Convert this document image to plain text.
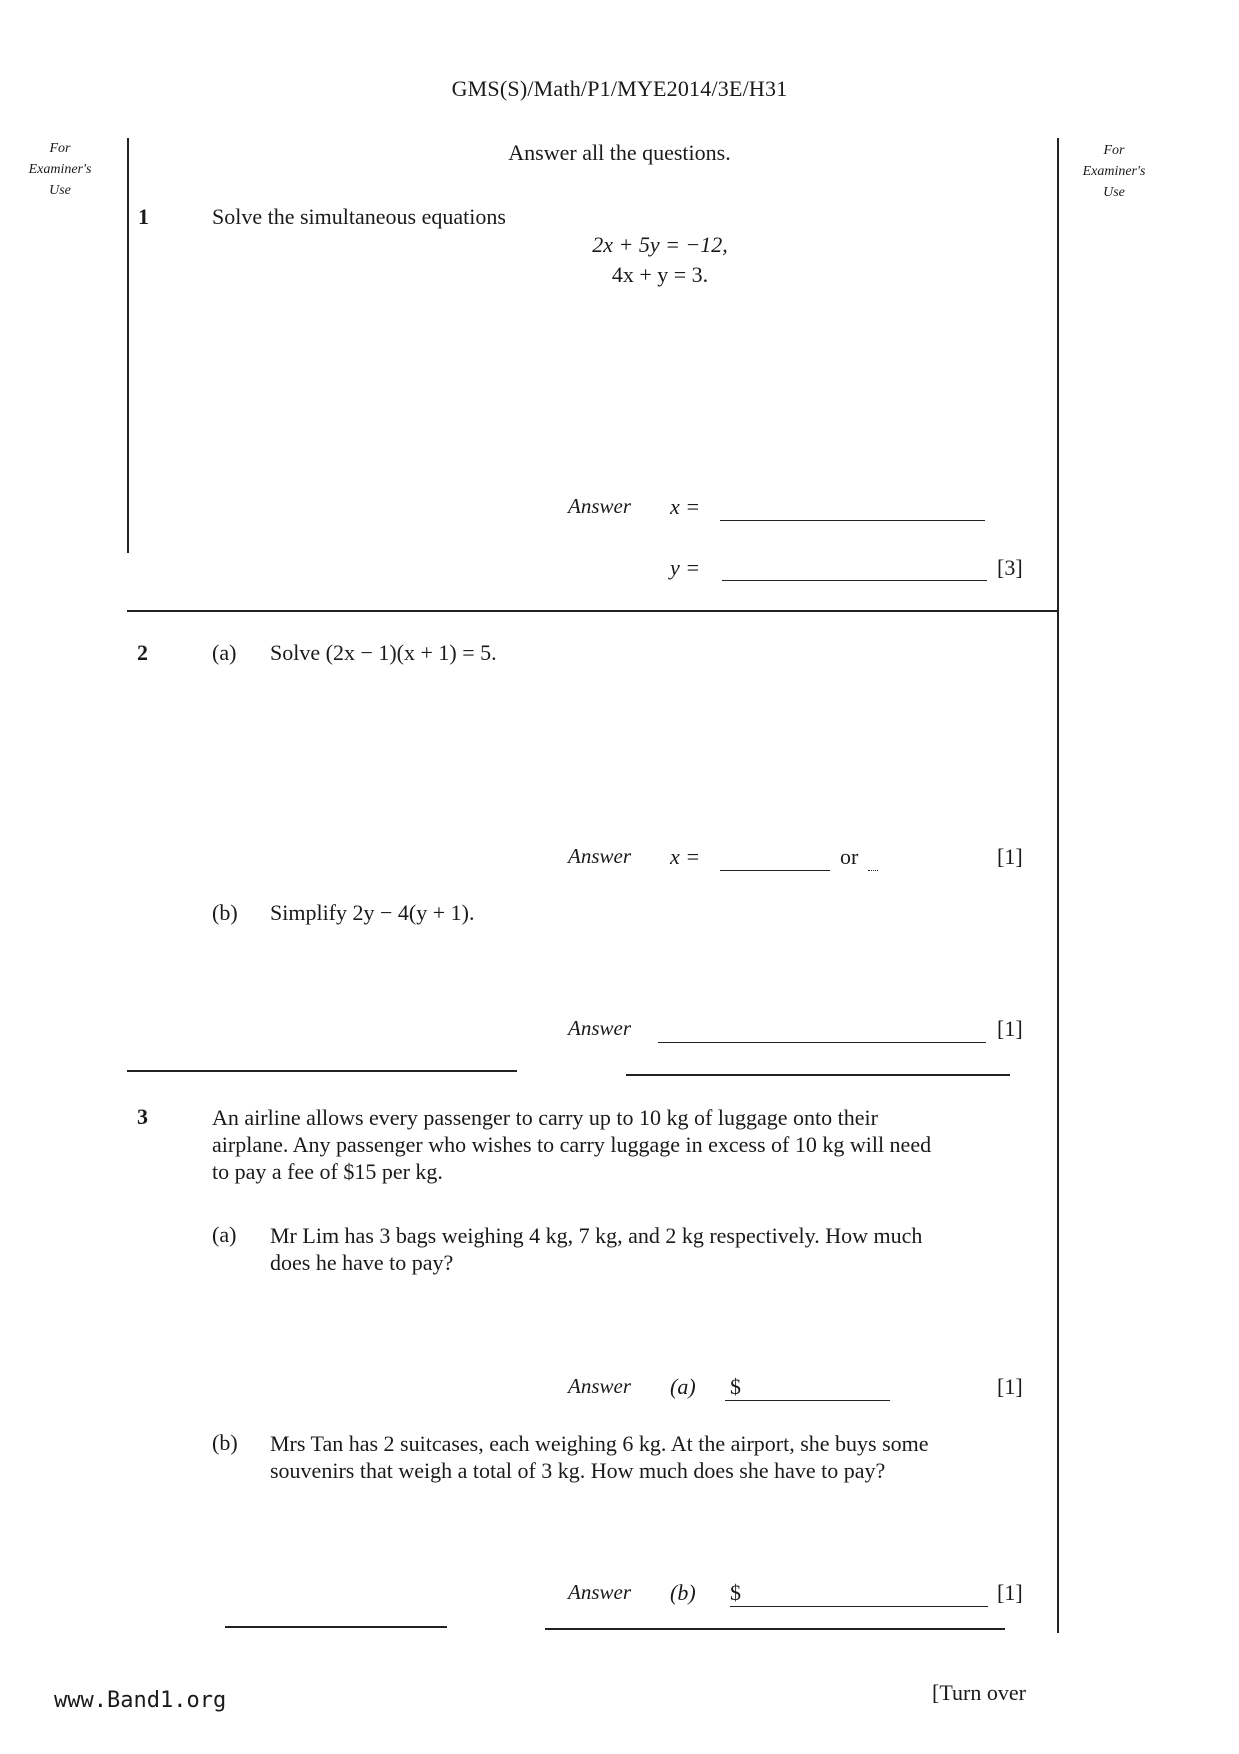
GMS(S)/Math/P1/MYE2014/3E/H31
For
Examiner's
Use
For
Examiner's
Use
Answer all the questions.
1	Solve the simultaneous equations
2x + 5y = −12,
4x + y = 3.
Answer x =
y =	[3]
2	(a) Solve (2x − 1)(x + 1) = 5.
Answer x =	or	[1]
(b) Simplify 2y − 4(y + 1).
Answer	[1]
3	An airline allows every passenger to carry up to 10 kg of luggage onto their
airplane. Any passenger who wishes to carry luggage in excess of 10 kg will need
to pay a fee of $15 per kg.
(a) Mr Lim has 3 bags weighing 4 kg, 7 kg, and 2 kg respectively. How much
does he have to pay?
Answer (a) $	[1]
(b) Mrs Tan has 2 suitcases, each weighing 6 kg. At the airport, she buys some
souvenirs that weigh a total of 3 kg. How much does she have to pay?
Answer (b) $	[1]
www.Band1.org	[Turn over
